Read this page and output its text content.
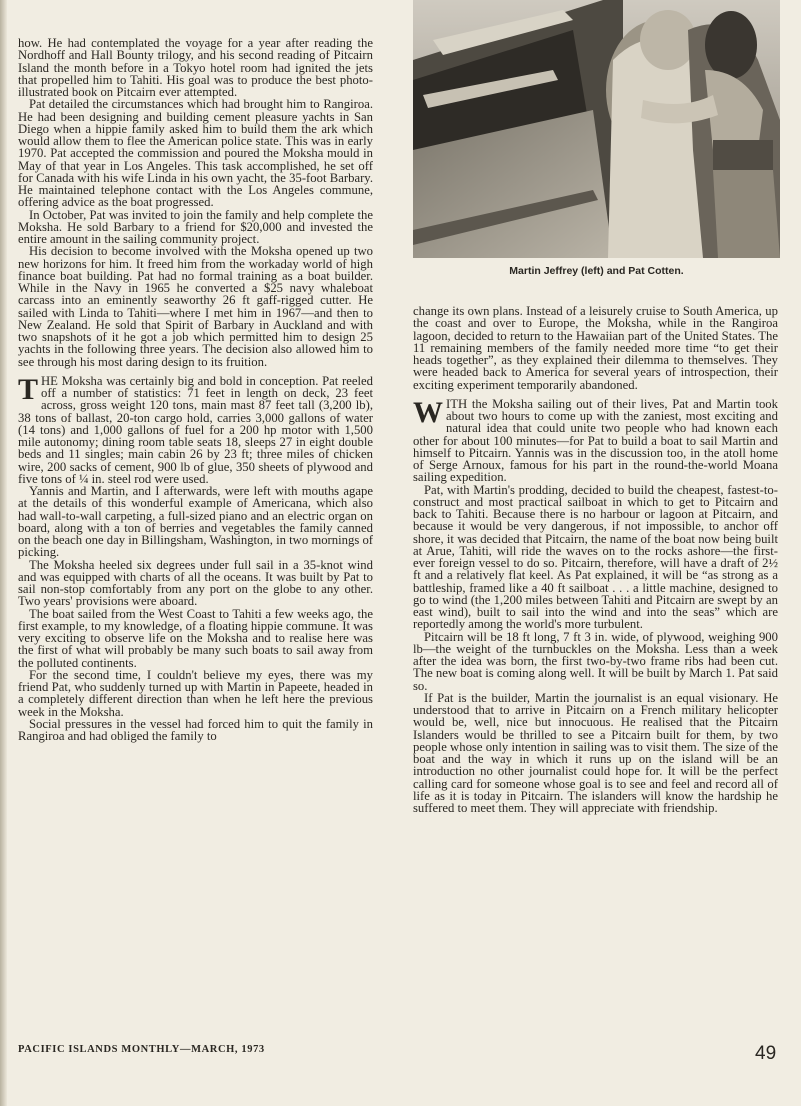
how. He had contemplated the voyage for a year after reading the Nordhoff and Hall Bounty trilogy, and his second reading of Pitcairn Island the month before in a Tokyo hotel room had ignited the jets that propelled him to Tahiti. His goal was to produce the best photo-illustrated book on Pitcairn ever attempted.

Pat detailed the circumstances which had brought him to Rangiroa. He had been designing and building cement pleasure yachts in San Diego when a hippie family asked him to build them the ark which would allow them to flee the American police state. This was in early 1970. Pat accepted the commission and poured the Moksha mould in May of that year in Los Angeles. This task accomplished, he set off for Canada with his wife Linda in his own yacht, the 35-foot Barbary. He maintained telephone contact with the Los Angeles commune, offering advice as the boat progressed.

In October, Pat was invited to join the family and help complete the Moksha. He sold Barbary to a friend for $20,000 and invested the entire amount in the sailing community project.

His decision to become involved with the Moksha opened up two new horizons for him. It freed him from the workaday world of high finance boat building. Pat had no formal training as a boat builder. While in the Navy in 1965 he converted a $25 navy whaleboat carcass into an eminently seaworthy 26 ft gaff-rigged cutter. He sailed with Linda to Tahiti—where I met him in 1967—and then to New Zealand. He sold that Spirit of Barbary in Auckland and with two snapshots of it he got a job which permitted him to design 25 yachts in the following three years. The decision also allowed him to see through his most daring design to its fruition.

THE Moksha was certainly big and bold in conception. Pat reeled off a number of statistics: 71 feet in length on deck, 23 feet across, gross weight 120 tons, main mast 87 feet tall (3,200 lb), 38 tons of ballast, 20-ton cargo hold, carries 3,000 gallons of water (14 tons) and 1,000 gallons of fuel for a 200 hp motor with 1,500 mile autonomy; dining room table seats 18, sleeps 27 in eight double beds and 11 singles; main cabin 26 by 23 ft; three miles of chicken wire, 200 sacks of cement, 900 lb of glue, 350 sheets of plywood and five tons of ¼ in. steel rod were used.

Yannis and Martin, and I afterwards, were left with mouths agape at the details of this wonderful example of Americana, which also had wall-to-wall carpeting, a full-sized piano and an electric organ on board, along with a ton of berries and vegetables the family canned on the beach one day in Billingsham, Washington, in two mornings of picking.

The Moksha heeled six degrees under full sail in a 35-knot wind and was equipped with charts of all the oceans. It was built by Pat to sail non-stop comfortably from any port on the globe to any other. Two years' provisions were aboard.

The boat sailed from the West Coast to Tahiti a few weeks ago, the first example, to my knowledge, of a floating hippie commune. It was very exciting to observe life on the Moksha and to realise here was the first of what will probably be many such boats to sail away from the polluted continents.

For the second time, I couldn't believe my eyes, there was my friend Pat, who suddenly turned up with Martin in Papeete, headed in a completely different direction than when he left here the previous week in the Moksha.

Social pressures in the vessel had forced him to quit the family in Rangiroa and had obliged the family to

Martin Jeffrey (left) and Pat Cotten.

change its own plans. Instead of a leisurely cruise to South America, up the coast and over to Europe, the Moksha, while in the Rangiroa lagoon, decided to return to the Hawaiian part of the United States. The 11 remaining members of the family needed more time “to get their heads together”, as they explained their dilemma to themselves. They were headed back to America for several years of introspection, their exciting experiment temporarily abandoned.

WITH the Moksha sailing out of their lives, Pat and Martin took about two hours to come up with the zaniest, most exciting and natural idea that could unite two people who had known each other for about 100 minutes—for Pat to build a boat to sail Martin and himself to Pitcairn. Yannis was in the discussion too, in the atoll home of Serge Arnoux, famous for his part in the round-the-world Moana sailing expedition.

Pat, with Martin's prodding, decided to build the cheapest, fastest-to-construct and most practical sailboat in which to get to Pitcairn and back to Tahiti. Because there is no harbour or lagoon at Pitcairn, and because it would be very dangerous, if not impossible, to anchor off shore, it was decided that Pitcairn, the name of the boat now being built at Arue, Tahiti, will ride the waves on to the rocks ashore—the first-ever foreign vessel to do so. Pitcairn, therefore, will have a draft of 2½ ft and a relatively flat keel. As Pat explained, it will be “as strong as a battleship, framed like a 40 ft sailboat . . . a little machine, designed to go to wind (the 1,200 miles between Tahiti and Pitcairn are swept by an east wind), built to sail into the wind and into the seas” which are reportedly among the world's more turbulent.

Pitcairn will be 18 ft long, 7 ft 3 in. wide, of plywood, weighing 900 lb—the weight of the turnbuckles on the Moksha. Less than a week after the idea was born, the first two-by-two frame ribs had been cut. The new boat is coming along well. It will be built by March 1. Pat said so.

If Pat is the builder, Martin the journalist is an equal visionary. He understood that to arrive in Pitcairn on a French military helicopter would be, well, nice but innocuous. He realised that the Pitcairn Islanders would be thrilled to see a Pitcairn built for them, by two people whose only intention in sailing was to visit them. The size of the boat and the way in which it runs up on the island will be an introduction no other journalist could hope for. It will be the perfect calling card for someone whose goal is to see and feel and record all of life as it is today in Pitcairn. The islanders will know the hardship he suffered to meet them. They will appreciate with friendship.

PACIFIC ISLANDS MONTHLY—MARCH, 1973	49
